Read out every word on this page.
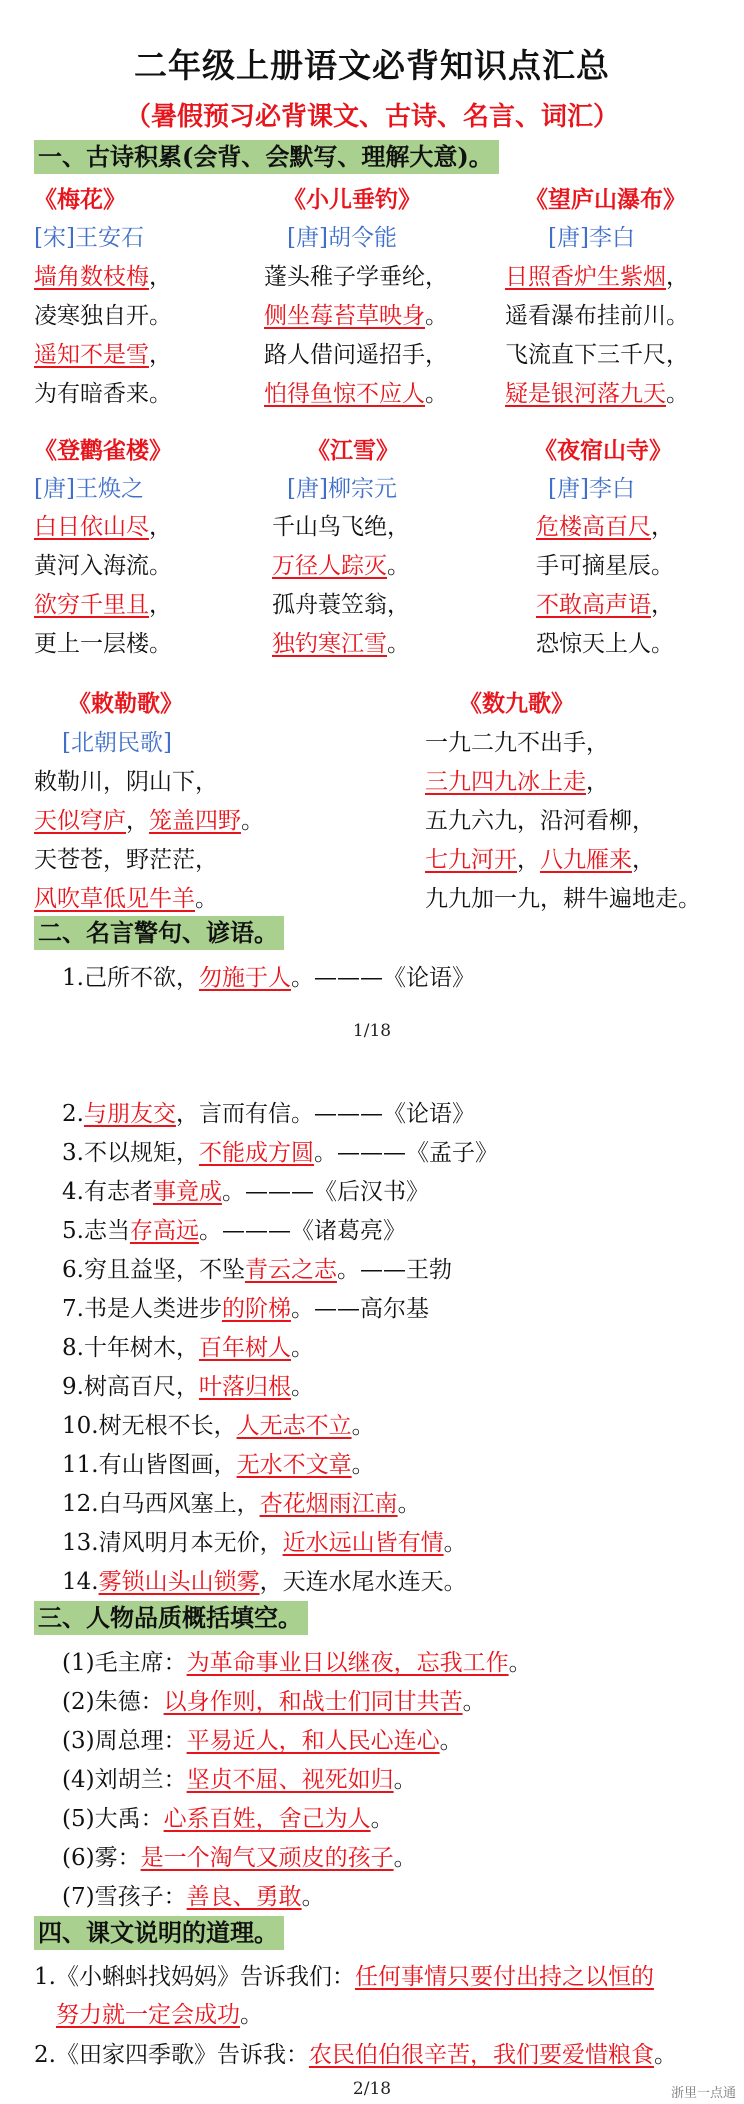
二年级上册语文必背知识点汇总
（暑假预习必背课文、古诗、名言、词汇）
一、古诗积累(会背、会默写、理解大意)。
《梅花》
[宋]王安石
墙角数枝梅，
凌寒独自开。
遥知不是雪，
为有暗香来。
《小儿垂钓》
[唐]胡令能
蓬头稚子学垂纶，
侧坐莓苔草映身。
路人借问遥招手，
怕得鱼惊不应人。
《望庐山瀑布》
[唐]李白
日照香炉生紫烟，
遥看瀑布挂前川。
飞流直下三千尺，
疑是银河落九天。
《登鹳雀楼》
[唐]王焕之
白日依山尽，
黄河入海流。
欲穷千里且，
更上一层楼。
《江雪》
[唐]柳宗元
千山鸟飞绝，
万径人踪灭。
孤舟蓑笠翁，
独钓寒江雪。
《夜宿山寺》
[唐]李白
危楼高百尺，
手可摘星辰。
不敢高声语，
恐惊天上人。
《敕勒歌》
[北朝民歌]
敕勒川，阴山下，
天似穹庐，笼盖四野。
天苍苍，野茫茫，
风吹草低见牛羊。
《数九歌》
一九二九不出手，
三九四九冰上走，
五九六九，沿河看柳，
七九河开，八九雁来，
九九加一九，耕牛遍地走。
二、名言警句、谚语。
1.己所不欲，勿施于人。———《论语》
1/18
2.与朋友交，言而有信。———《论语》
3.不以规矩，不能成方圆。———《孟子》
4.有志者事竟成。———《后汉书》
5.志当存高远。———《诸葛亮》
6.穷且益坚，不坠青云之志。——王勃
7.书是人类进步的阶梯。——高尔基
8.十年树木，百年树人。
9.树高百尺，叶落归根。
10.树无根不长，人无志不立。
11.有山皆图画，无水不文章。
12.白马西风塞上，杏花烟雨江南。
13.清风明月本无价，近水远山皆有情。
14.雾锁山头山锁雾，天连水尾水连天。
三、人物品质概括填空。
(1)毛主席：为革命事业日以继夜，忘我工作。
(2)朱德：以身作则，和战士们同甘共苦。
(3)周总理：平易近人，和人民心连心。
(4)刘胡兰：坚贞不屈、视死如归。
(5)大禹：心系百姓，舍己为人。
(6)雾：是一个淘气又顽皮的孩子。
(7)雪孩子：善良、勇敢。
四、课文说明的道理。
1.《小蝌蚪找妈妈》告诉我们：任何事情只要付出持之以恒的
努力就一定会成功。
2.《田家四季歌》告诉我：农民伯伯很辛苦，我们要爱惜粮食。
2/18	浙里一点通
